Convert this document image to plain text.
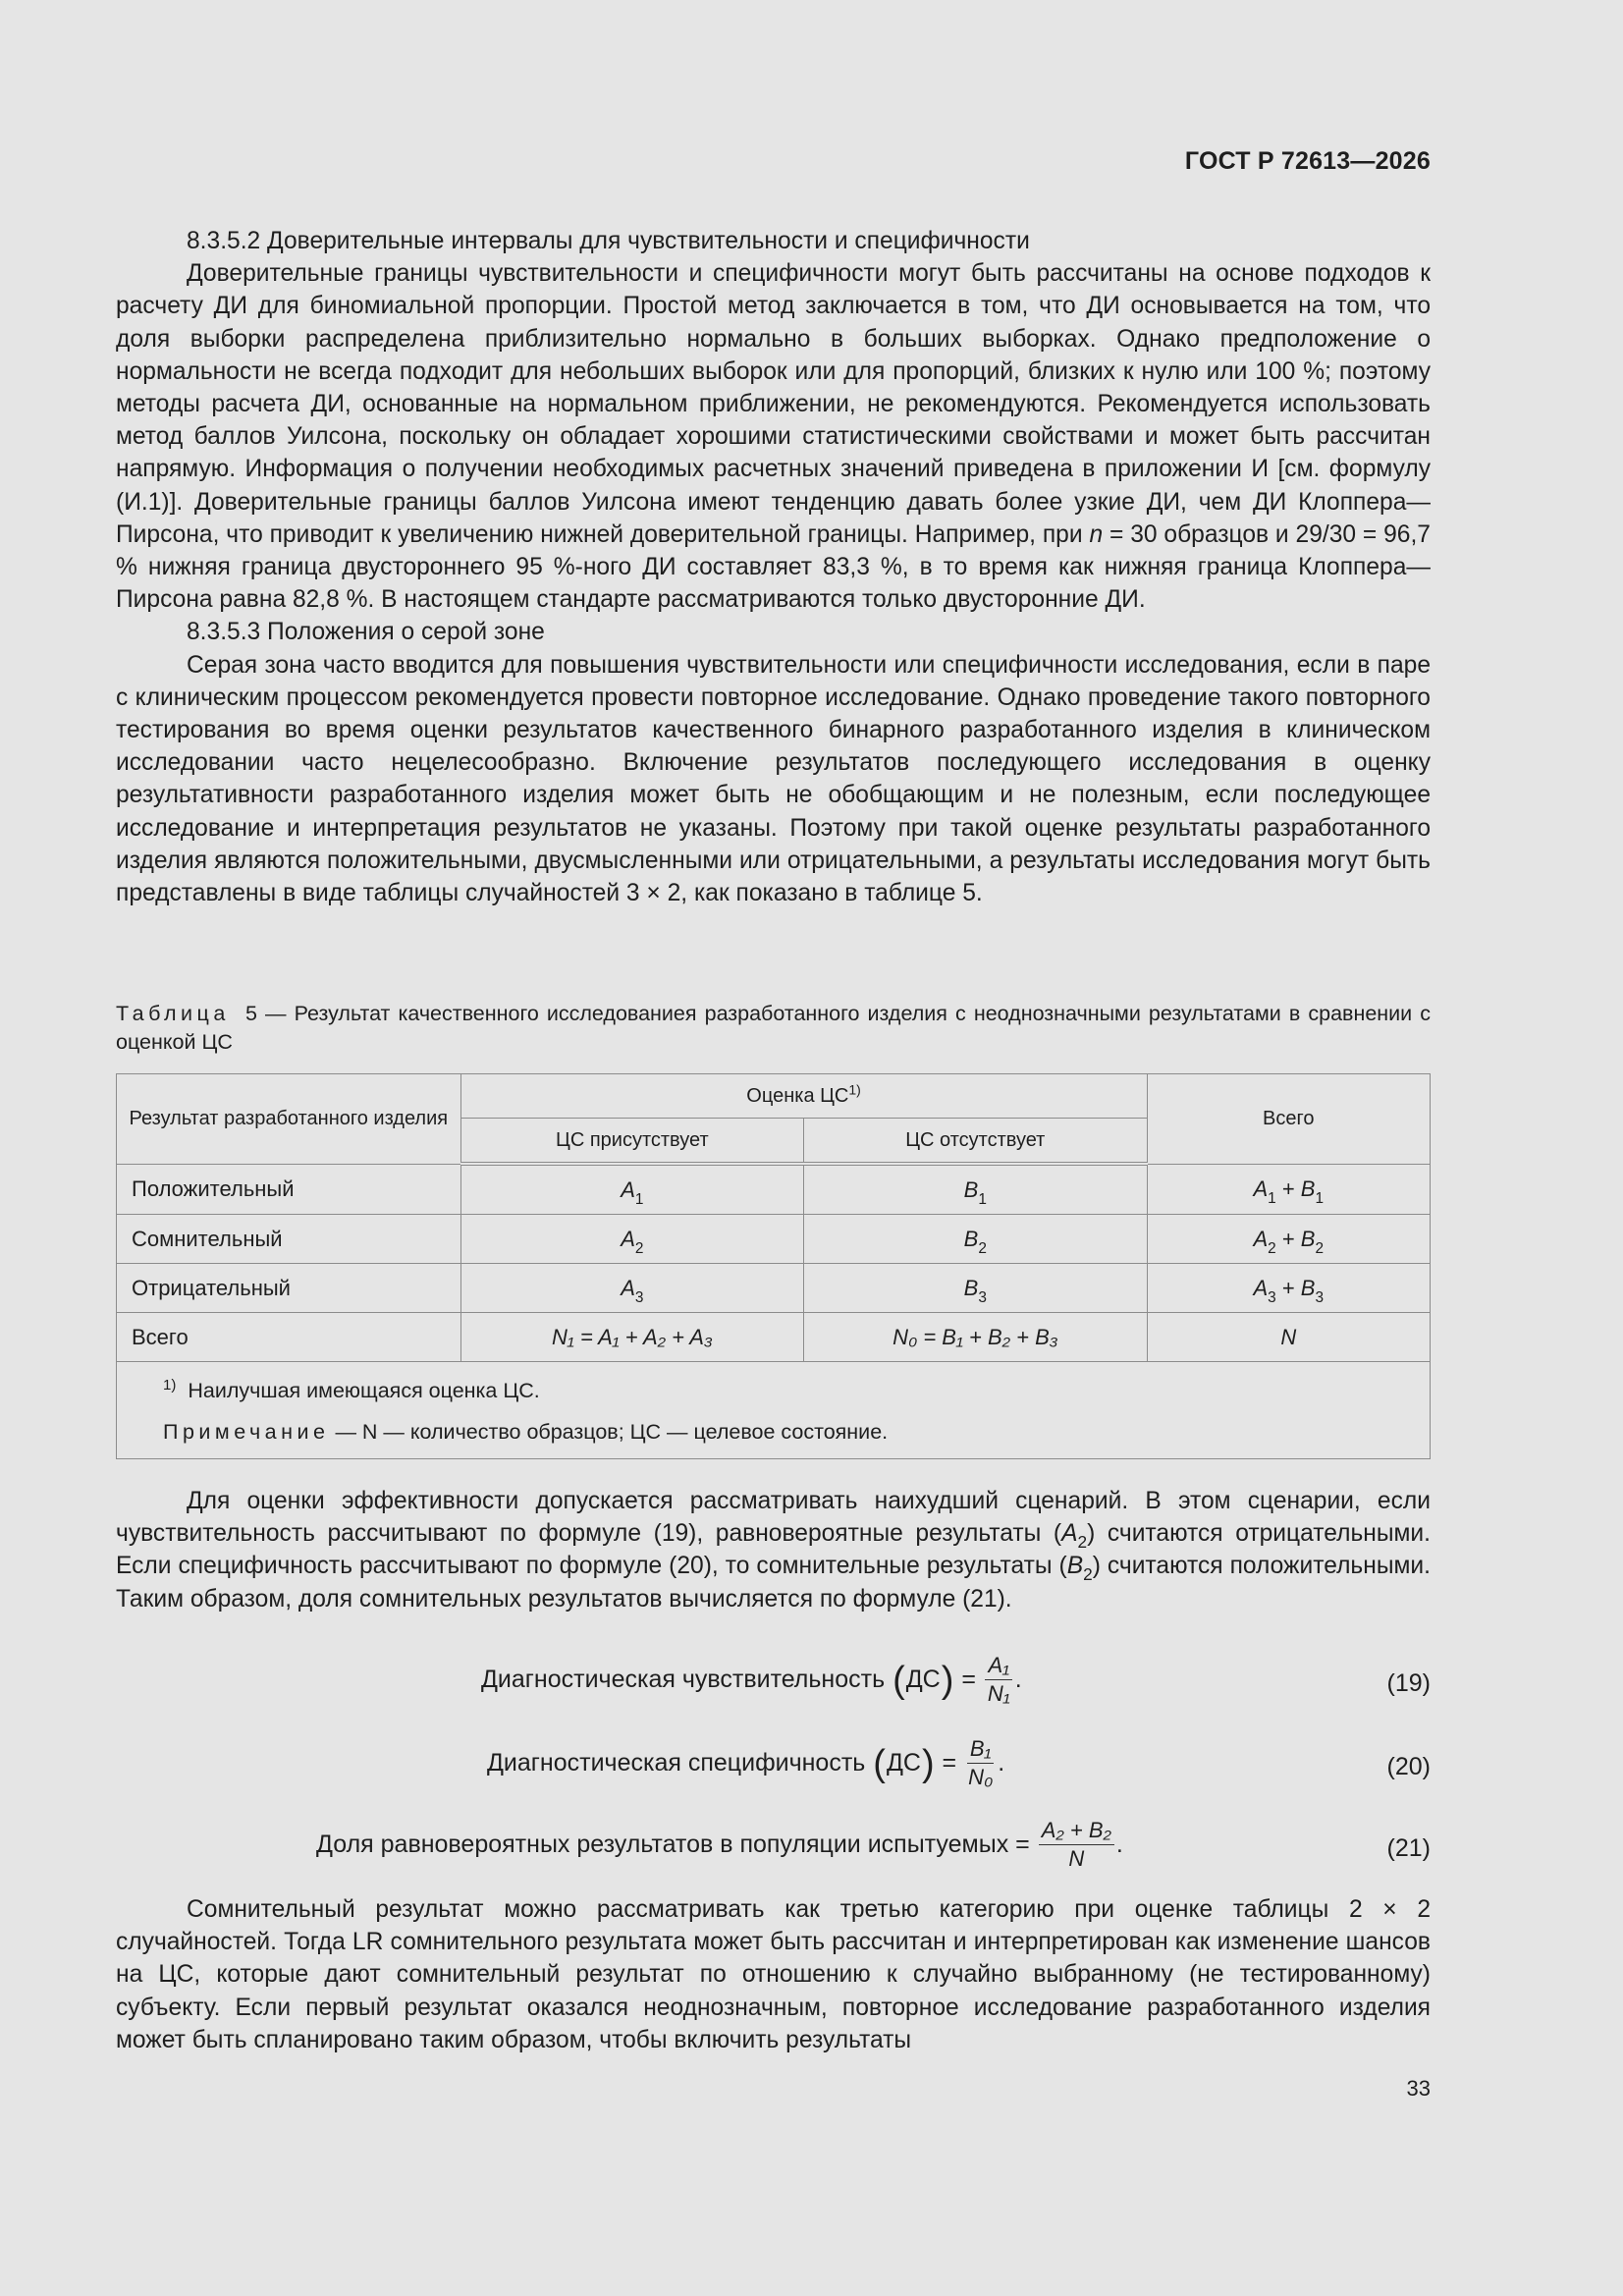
ГОСТ Р 72613—2026

8.3.5.2 Доверительные интервалы для чувствительности и специфичности

Доверительные границы чувствительности и специфичности могут быть рассчитаны на основе подходов к расчету ДИ для биномиальной пропорции. Простой метод заключается в том, что ДИ основывается на том, что доля выборки распределена приблизительно нормально в больших выборках. Однако предположение о нормальности не всегда подходит для небольших выборок или для пропорций, близких к нулю или 100 %; поэтому методы расчета ДИ, основанные на нормальном приближении, не рекомендуются. Рекомендуется использовать метод баллов Уилсона, поскольку он обладает хорошими статистическими свойствами и может быть рассчитан напрямую. Информация о получении необходимых расчетных значений приведена в приложении И [см. формулу (И.1)]. Доверительные границы баллов Уилсона имеют тенденцию давать более узкие ДИ, чем ДИ Клоппера—Пирсона, что приводит к увеличению нижней доверительной границы. Например, при n = 30 образцов и 29/30 = 96,7 % нижняя граница двустороннего 95 %-ного ДИ составляет 83,3 %, в то время как нижняя граница Клоппера—Пирсона равна 82,8 %. В настоящем стандарте рассматриваются только двусторонние ДИ.

8.3.5.3 Положения о серой зоне

Серая зона часто вводится для повышения чувствительности или специфичности исследования, если в паре с клиническим процессом рекомендуется провести повторное исследование. Однако проведение такого повторного тестирования во время оценки результатов качественного бинарного разработанного изделия в клиническом исследовании часто нецелесообразно. Включение результатов последующего исследования в оценку результативности разработанного изделия может быть не обобщающим и не полезным, если последующее исследование и интерпретация результатов не указаны. Поэтому при такой оценке результаты разработанного изделия являются положительными, двусмысленными или отрицательными, а результаты исследования могут быть представлены в виде таблицы случайностей 3 × 2, как показано в таблице 5.

Таблица 5 — Результат качественного исследованиея разработанного изделия с неоднозначными результатами в сравнении с оценкой ЦС

Результат разработанного изделия	Оценка ЦС$^{1)}$		Всего
	ЦС присутствует	ЦС отсутствует	
Положительный	$A_1$	$B_1$	$A_1 + B_1$
Сомнительный	$A_2$	$B_2$	$A_2 + B_2$
Отрицательный	$A_3$	$B_3$	$A_3 + B_3$
Всего	N₁ = A₁ + A₂ + A₃	N₀ = B₁ + B₂ + B₃	N

$^{1)}$ Наилучшая имеющаяся оценка ЦС.
Примечание — N — количество образцов; ЦС — целевое состояние.			

Для оценки эффективности допускается рассматривать наихудший сценарий. В этом сценарии, если чувствительность рассчитывают по формуле (19), равновероятные результаты $(A_2)$ считаются отрицательными. Если специфичность рассчитывают по формуле (20), то сомнительные результаты $(B_2)$ считаются положительными. Таким образом, доля сомнительных результатов вычисляется по формуле (21).

Диагностическая чувствительность
( ДС ) = $\frac{\text{A₁}}{\text{N₁}}$ .	(19)
Диагностическая специфичность
( ДС ) = $\frac{\text{B₁}}{\text{N₀}}$ .	(20)
Доля равновероятных результатов в популяции испытуемых = $\frac{\text{A₂ + B₂}}{N}$ .	(21)

Сомнительный результат можно рассматривать как третью категорию при оценке таблицы 2 × 2 случайностей. Тогда LR сомнительного результата может быть рассчитан и интерпретирован как изменение шансов на ЦС, которые дают сомнительный результат по отношению к случайно выбранному (не тестированному) субъекту. Если первый результат оказался неоднозначным, повторное исследование разработанного изделия может быть спланировано таким образом, чтобы включить результаты

33
